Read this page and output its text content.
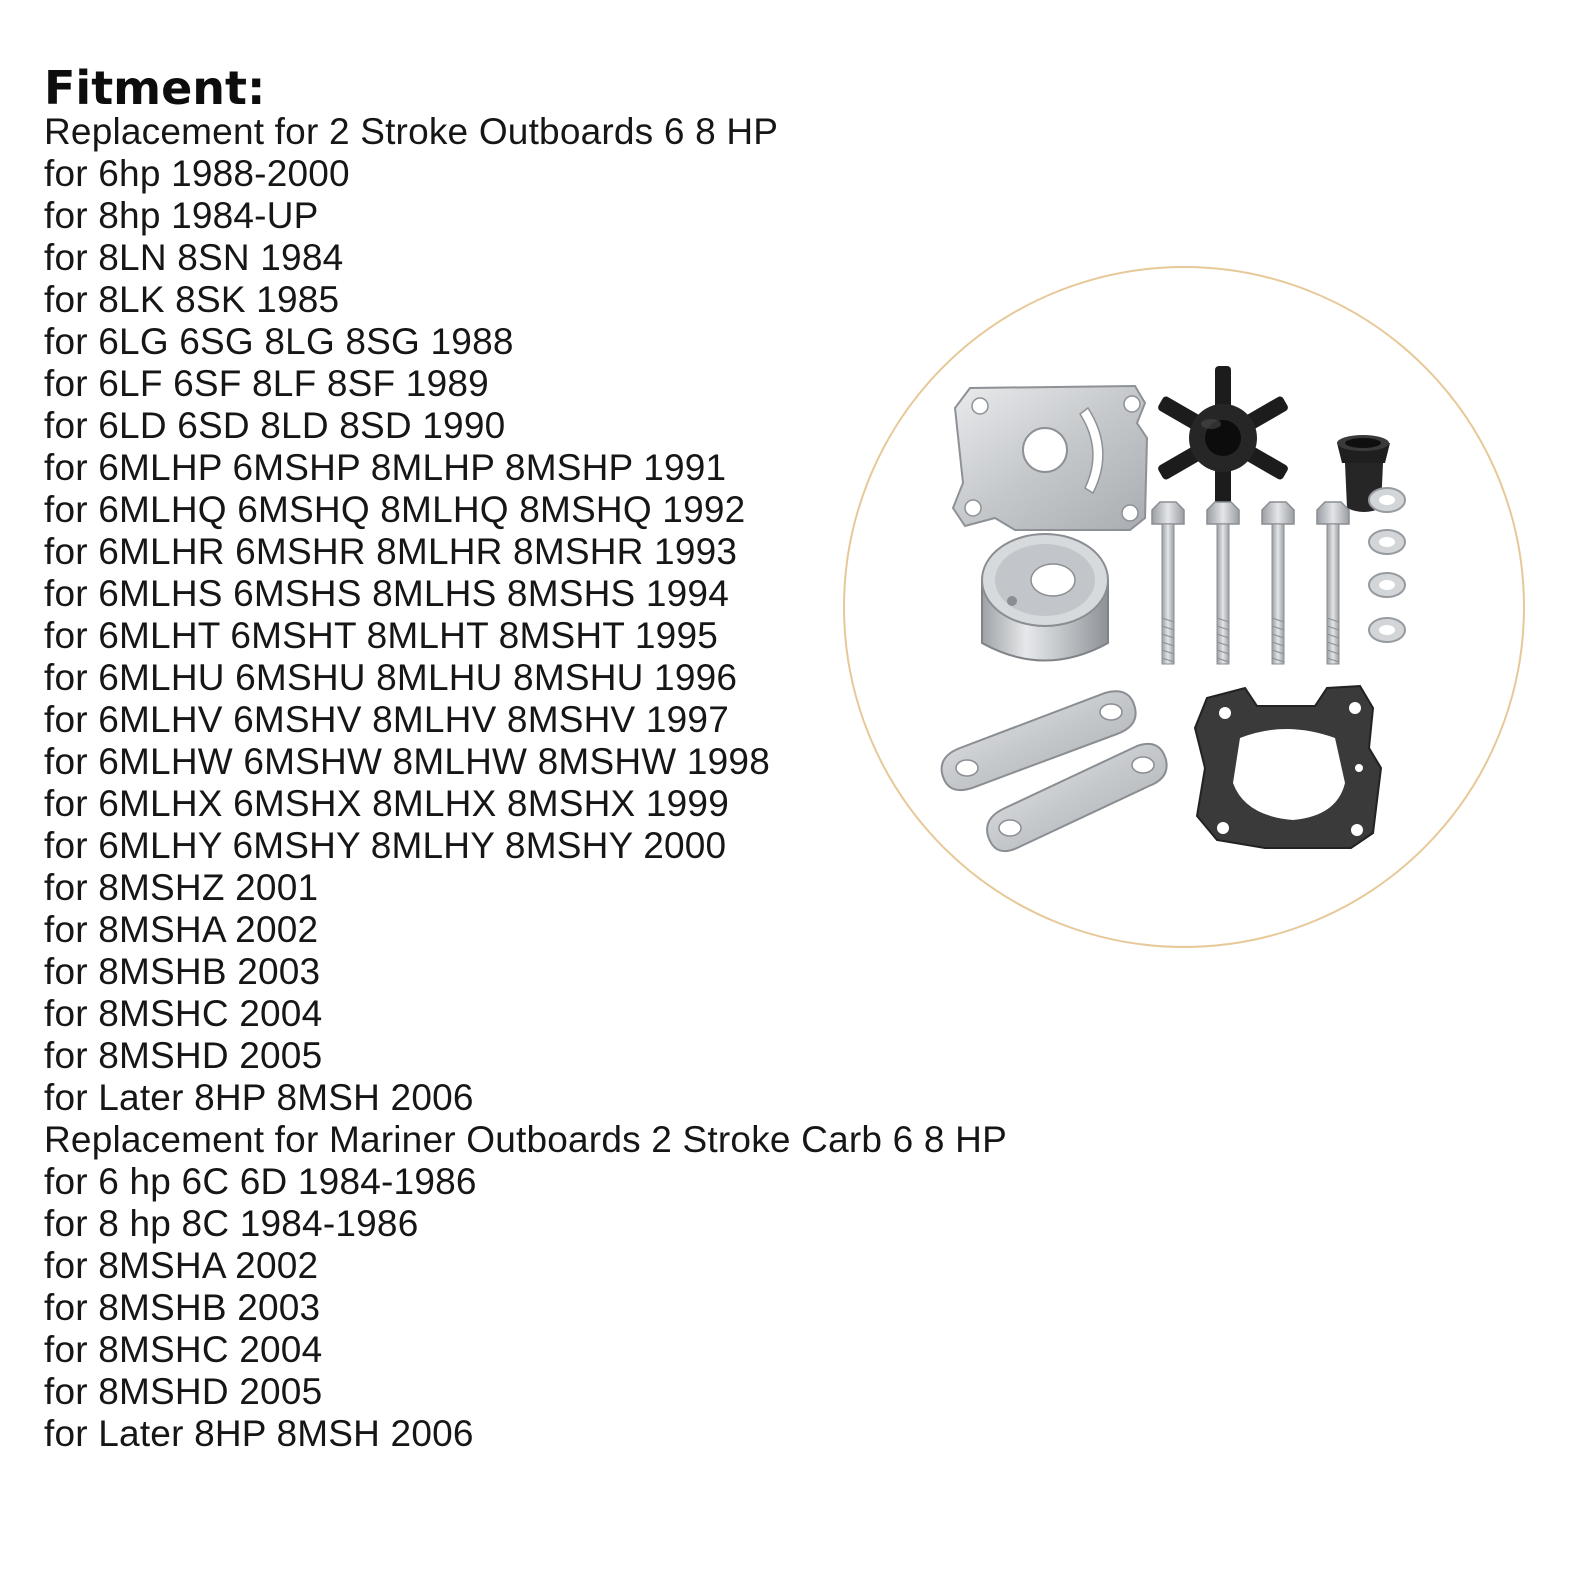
Fitment:
Replacement for 2 Stroke Outboards 6 8 HP
for 6hp 1988-2000
for 8hp 1984-UP
for 8LN 8SN 1984
for 8LK 8SK 1985
for 6LG 6SG 8LG 8SG 1988
for 6LF 6SF 8LF 8SF 1989
for 6LD 6SD 8LD 8SD 1990
for 6MLHP 6MSHP 8MLHP 8MSHP 1991
for 6MLHQ 6MSHQ 8MLHQ 8MSHQ 1992
for 6MLHR 6MSHR 8MLHR 8MSHR 1993
for 6MLHS 6MSHS 8MLHS 8MSHS 1994
for 6MLHT 6MSHT 8MLHT 8MSHT 1995
for 6MLHU 6MSHU 8MLHU 8MSHU 1996
for 6MLHV 6MSHV 8MLHV 8MSHV 1997
for 6MLHW 6MSHW 8MLHW 8MSHW 1998
for 6MLHX 6MSHX 8MLHX 8MSHX 1999
for 6MLHY 6MSHY 8MLHY 8MSHY 2000
for 8MSHZ 2001
for 8MSHA 2002
for 8MSHB 2003
for 8MSHC 2004
for 8MSHD 2005
for Later 8HP 8MSH 2006
Replacement for Mariner Outboards 2 Stroke Carb 6 8 HP
for 6 hp 6C 6D 1984-1986
for 8 hp 8C 1984-1986
for 8MSHA 2002
for 8MSHB 2003
for 8MSHC 2004
for 8MSHD 2005
for Later 8HP 8MSH 2006
